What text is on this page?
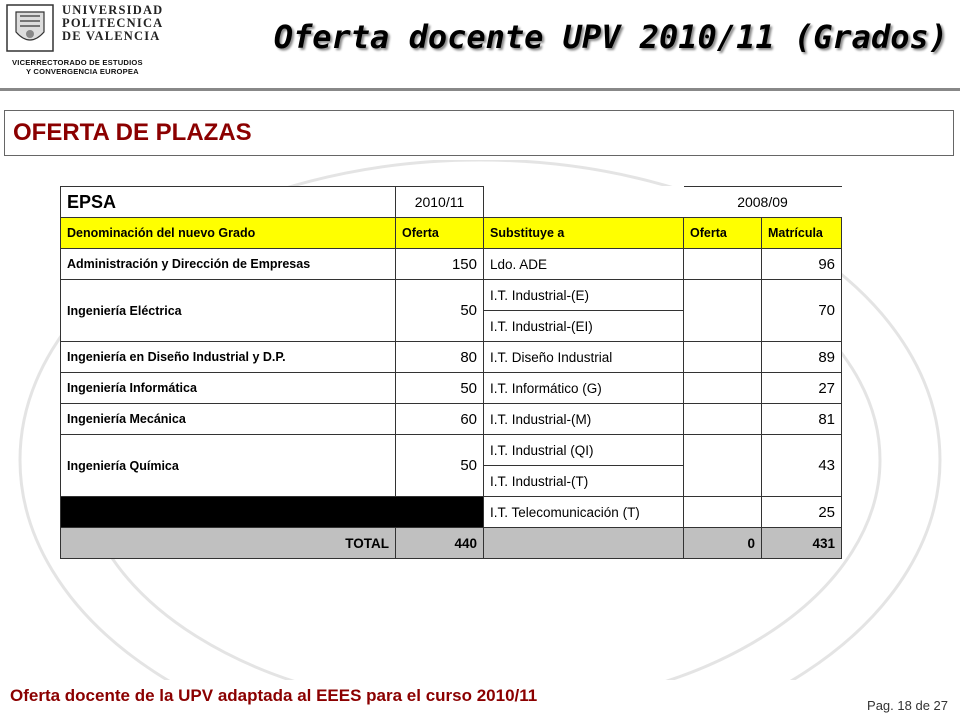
UNIVERSIDAD
POLITECNICA
DE VALENCIA
VICERRECTORADO DE ESTUDIOS
Y CONVERGENCIA EUROPEA
Oferta docente UPV 2010/11 (Grados)
OFERTA DE PLAZAS
EPSA	2010/11		2008/09	
Denominación del nuevo Grado	Oferta	Substituye a	Oferta	Matrícula
Administración y Dirección de Empresas	150	Ldo. ADE		96
Ingeniería Eléctrica	50	I.T. Industrial-(E)		70
		I.T. Industrial-(EI)		
Ingeniería en Diseño Industrial y D.P.	80	I.T. Diseño Industrial		89
Ingeniería Informática	50	I.T. Informático (G)		27
Ingeniería Mecánica	60	I.T. Industrial-(M)		81
Ingeniería Química	50	I.T. Industrial (QI)		43
		I.T. Industrial-(T)		
		I.T. Telecomunicación (T)		25
TOTAL	440		0	431
Oferta docente de la UPV adaptada al EEES para el curso 2010/11
Pag. 18 de 27
